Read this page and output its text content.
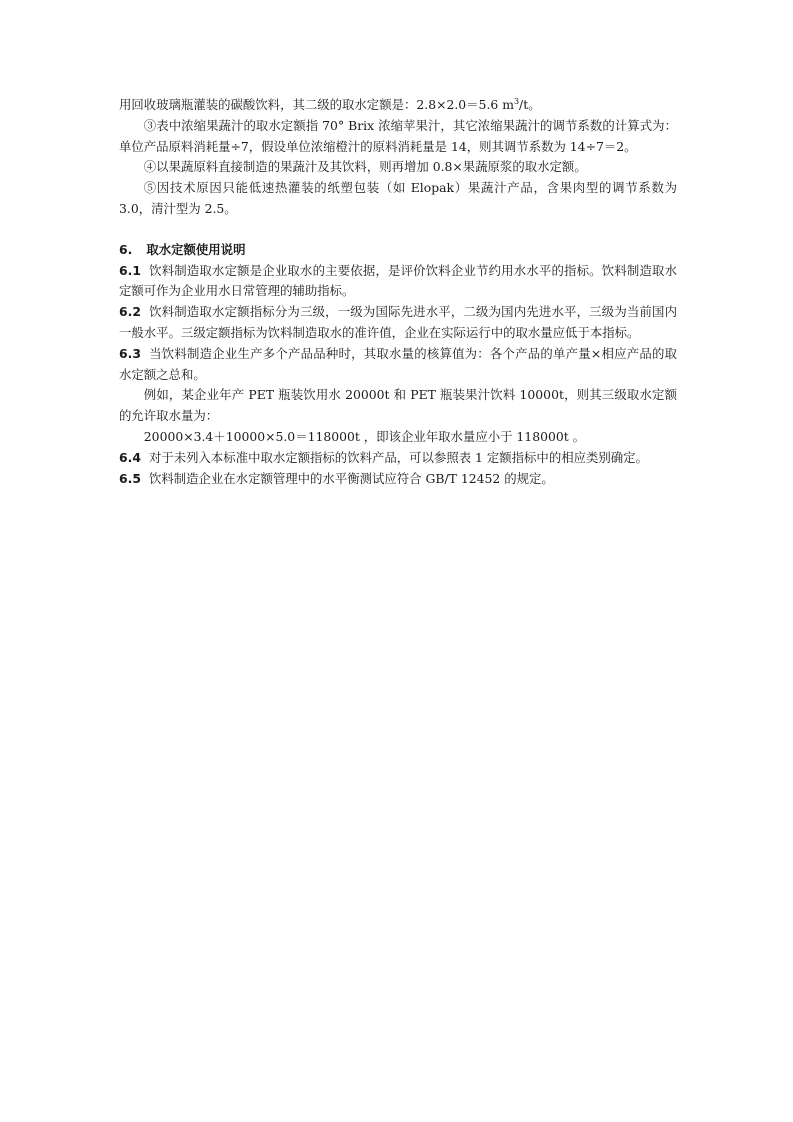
用回收玻璃瓶灌装的碳酸饮料，其二级的取水定额是：2.8×2.0＝5.6 $m^3/t$。

③表中浓缩果蔬汁的取水定额指 70° Brix 浓缩苹果汁，其它浓缩果蔬汁的调节系数的计算式为：单位产品原料消耗量÷7，假设单位浓缩橙汁的原料消耗量是 14，则其调节系数为 14÷7＝2。

④以果蔬原料直接制造的果蔬汁及其饮料，则再增加 0.8×果蔬原浆的取水定额。

⑤因技术原因只能低速热灌装的纸塑包装（如 Elopak）果蔬汁产品，含果肉型的调节系数为 3.0，清汁型为 2.5。

6. 取水定额使用说明

6.1 饮料制造取水定额是企业取水的主要依据，是评价饮料企业节约用水水平的指标。饮料制造取水定额可作为企业用水日常管理的辅助指标。

6.2 饮料制造取水定额指标分为三级，一级为国际先进水平，二级为国内先进水平，三级为当前国内一般水平。三级定额指标为饮料制造取水的准许值，企业在实际运行中的取水量应低于本指标。

6.3 当饮料制造企业生产多个产品品种时，其取水量的核算值为：各个产品的单产量×相应产品的取水定额之总和。

例如，某企业年产 PET 瓶装饮用水 20000t 和 PET 瓶装果汁饮料 10000t，则其三级取水定额的允许取水量为：

20000×3.4＋10000×5.0＝118000t ，即该企业年取水量应小于 118000t 。

6.4 对于未列入本标准中取水定额指标的饮料产品，可以参照表 1 定额指标中的相应类别确定。

6.5 饮料制造企业在水定额管理中的水平衡测试应符合 GB/T 12452 的规定。
